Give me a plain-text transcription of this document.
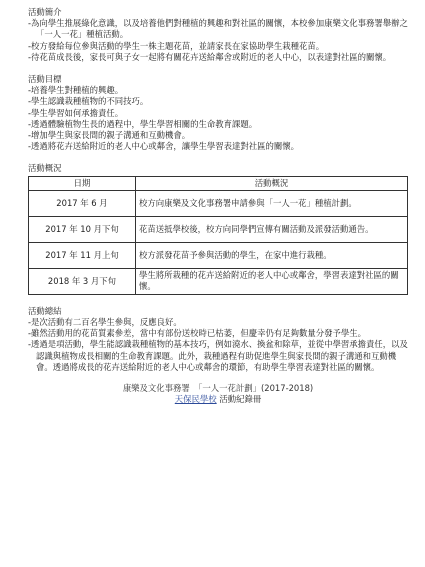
活動簡介
-為向學生推展綠化意識，以及培養他們對種植的興趣和對社區的關懷，本校參加康樂文化事務署舉辦之「一人一花」種植活動。
-校方發給每位參與活動的學生一株主題花苗，並請家長在家協助學生栽種花苗。
-待花苗成長後，家長可與子女一起將有關花卉送給鄰舍或附近的老人中心，以表達對社區的關懷。
活動目標
-培養學生對種植的興趣。
-學生認識栽種植物的不同技巧。
-學生學習如何承擔責任。
-透過體驗植物生長的過程中，學生學習相關的生命教育課題。
-增加學生與家長間的親子溝通和互動機會。
-透過將花卉送給附近的老人中心或鄰舍，讓學生學習表達對社區的關懷。
活動概況
日期	活動概況
2017 年 6 月	校方向康樂及文化事務署申請參與「一人一花」種植計劃。
2017 年 10 月下旬	花苗送抵學校後，校方向同學們宣傳有關活動及派發活動通告。
2017 年 11 月上旬	校方派發花苗予參與活動的學生，在家中進行栽種。
2018 年 3 月下旬	學生將所栽種的花卉送給附近的老人中心或鄰舍，學習表達對社區的關懷。
活動總結
-是次活動有二百名學生參與，反應良好。
-雖然活動用的花苗質素參差，當中有部份送校時已枯萎，但慶幸仍有足夠數量分發予學生。
-透過是項活動，學生能認識栽種植物的基本技巧，例如澆水、換盆和除草，並從中學習承擔責任，以及認識與植物成長相關的生命教育課題。此外，栽種過程有助促進學生與家長間的親子溝通和互動機會。透過將成長的花卉送給附近的老人中心或鄰舍的環節，有助學生學習表達對社區的關懷。
康樂及文化事務署　「一人一花計劃」(2017-2018)
天保民學校 活動紀錄冊
